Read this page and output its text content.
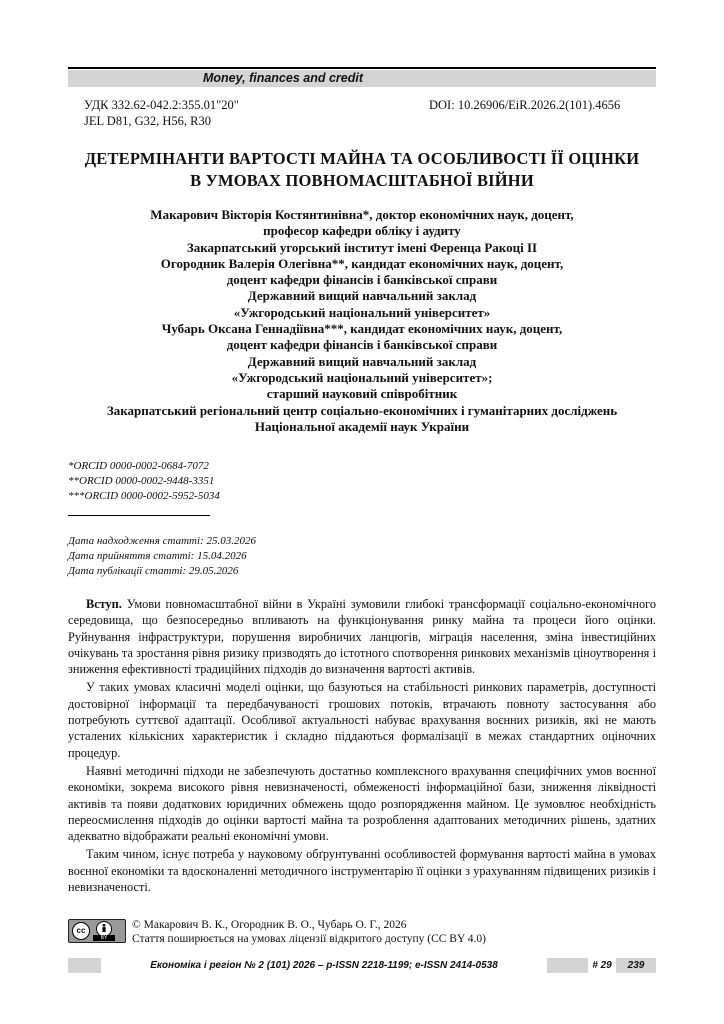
Money, finances and credit
УДК 332.62-042.2:355.01"20"
JEL D81, G32, H56, R30
DOI: 10.26906/EiR.2026.2(101).4656
ДЕТЕРМІНАНТИ ВАРТОСТІ МАЙНА ТА ОСОБЛИВОСТІ ЇЇ ОЦІНКИ
В УМОВАХ ПОВНОМАСШТАБНОЇ ВІЙНИ
Макарович Вікторія Костянтинівна*, доктор економічних наук, доцент,
професор кафедри обліку і аудиту
Закарпатський угорський інститут імені Ференца Ракоці ІІ
Огородник Валерія Олегівна**, кандидат економічних наук, доцент,
доцент кафедри фінансів і банківської справи
Державний вищий навчальний заклад
«Ужгородський національний університет»
Чубарь Оксана Геннадіївна***, кандидат економічних наук, доцент,
доцент кафедри фінансів і банківської справи
Державний вищий навчальний заклад
«Ужгородський національний університет»;
старший науковий співробітник
Закарпатський регіональний центр соціально-економічних і гуманітарних досліджень
Національної академії наук України
*ORCID 0000-0002-0684-7072
**ORCID 0000-0002-9448-3351
***ORCID 0000-0002-5952-5034
Дата надходження статті: 25.03.2026
Дата прийняття статті: 15.04.2026
Дата публікації статті: 29.05.2026

Вступ. Умови повномасштабної війни в Україні зумовили глибокі трансформації соціально-економічного середовища, що безпосередньо впливають на функціонування ринку майна та процеси його оцінки. Руйнування інфраструктури, порушення виробничих ланцюгів, міграція населення, зміна інвестиційних очікувань та зростання рівня ризику призводять до істотного спотворення ринкових механізмів ціноутворення і зниження ефективності традиційних підходів до визначення вартості активів.

У таких умовах класичні моделі оцінки, що базуються на стабільності ринкових параметрів, доступності достовірної інформації та передбачуваності грошових потоків, втрачають повноту застосування або потребують суттєвої адаптації. Особливої актуальності набуває врахування воєнних ризиків, які не мають усталених кількісних характеристик і складно піддаються формалізації в межах стандартних оціночних процедур.

Наявні методичні підходи не забезпечують достатньо комплексного врахування специфічних умов воєнної економіки, зокрема високого рівня невизначеності, обмеженості інформаційної бази, зниження ліквідності активів та появи додаткових юридичних обмежень щодо розпорядження майном. Це зумовлює необхідність переосмислення підходів до оцінки вартості майна та розроблення адаптованих методичних рішень, здатних адекватно відображати реальні економічні умови.

Таким чином, існує потреба у науковому обґрунтуванні особливостей формування вартості майна в умовах воєнної економіки та вдосконаленні методичного інструментарію її оцінки з урахуванням підвищених ризиків і невизначеності.

cc
BY
© Макарович В. К., Огородник В. О., Чубарь О. Г., 2026
Стаття поширюється на умовах ліцензії відкритого доступу (CC BY 4.0)
Економіка і регіон № 2 (101) 2026 – p-ISSN 2218-1199; e-ISSN 2414-0538	# 29	239
